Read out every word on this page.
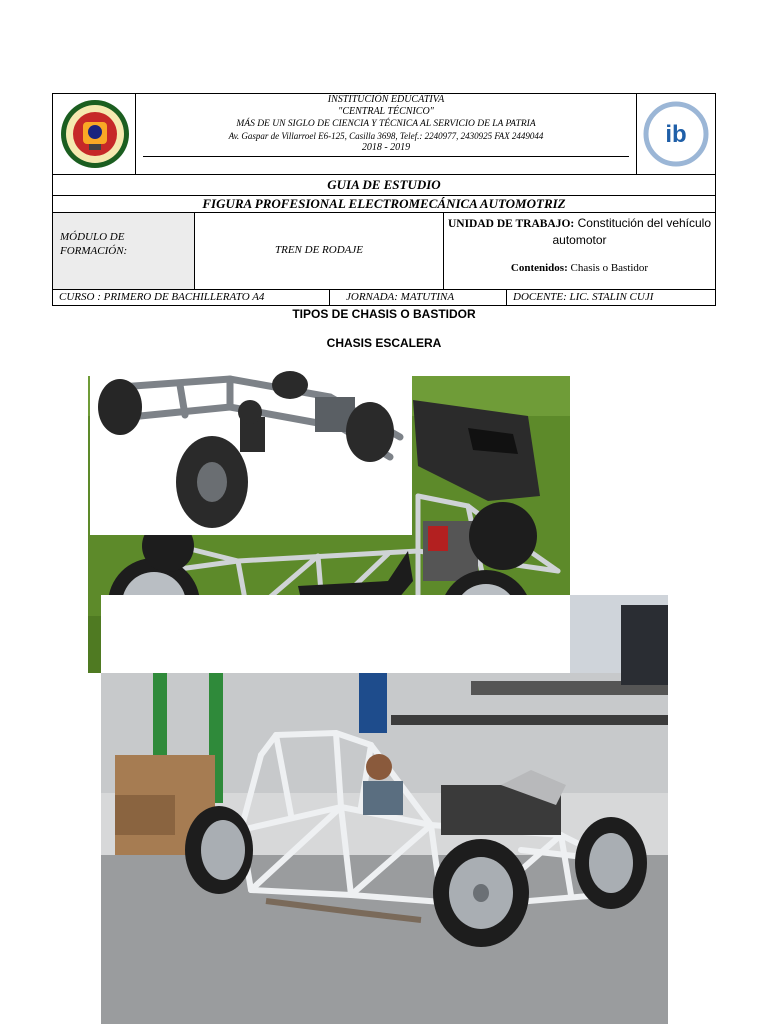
INSTITUCIÓN EDUCATIVA
"CENTRAL TÉCNICO"
MÁS DE UN SIGLO DE CIENCIA Y TÉCNICA AL SERVICIO DE LA PATRIA
Av. Gaspar de Villarroel E6-125, Casilla 3698, Telef.: 2240977, 2430925 FAX 2449044
2018 - 2019	ib
GUIA DE ESTUDIO
FIGURA PROFESIONAL ELECTROMECÁNICA AUTOMOTRIZ
MÓDULO DE FORMACIÓN:	TREN DE RODAJE
UNIDAD DE TRABAJO: Constitución del vehículo automotor
Contenidos: Chasis o Bastidor
CURSO : PRIMERO DE BACHILLERATO A4	JORNADA: MATUTINA	DOCENTE: LIC. STALIN CUJI
TIPOS DE CHASIS O BASTIDOR
CHASIS ESCALERA
